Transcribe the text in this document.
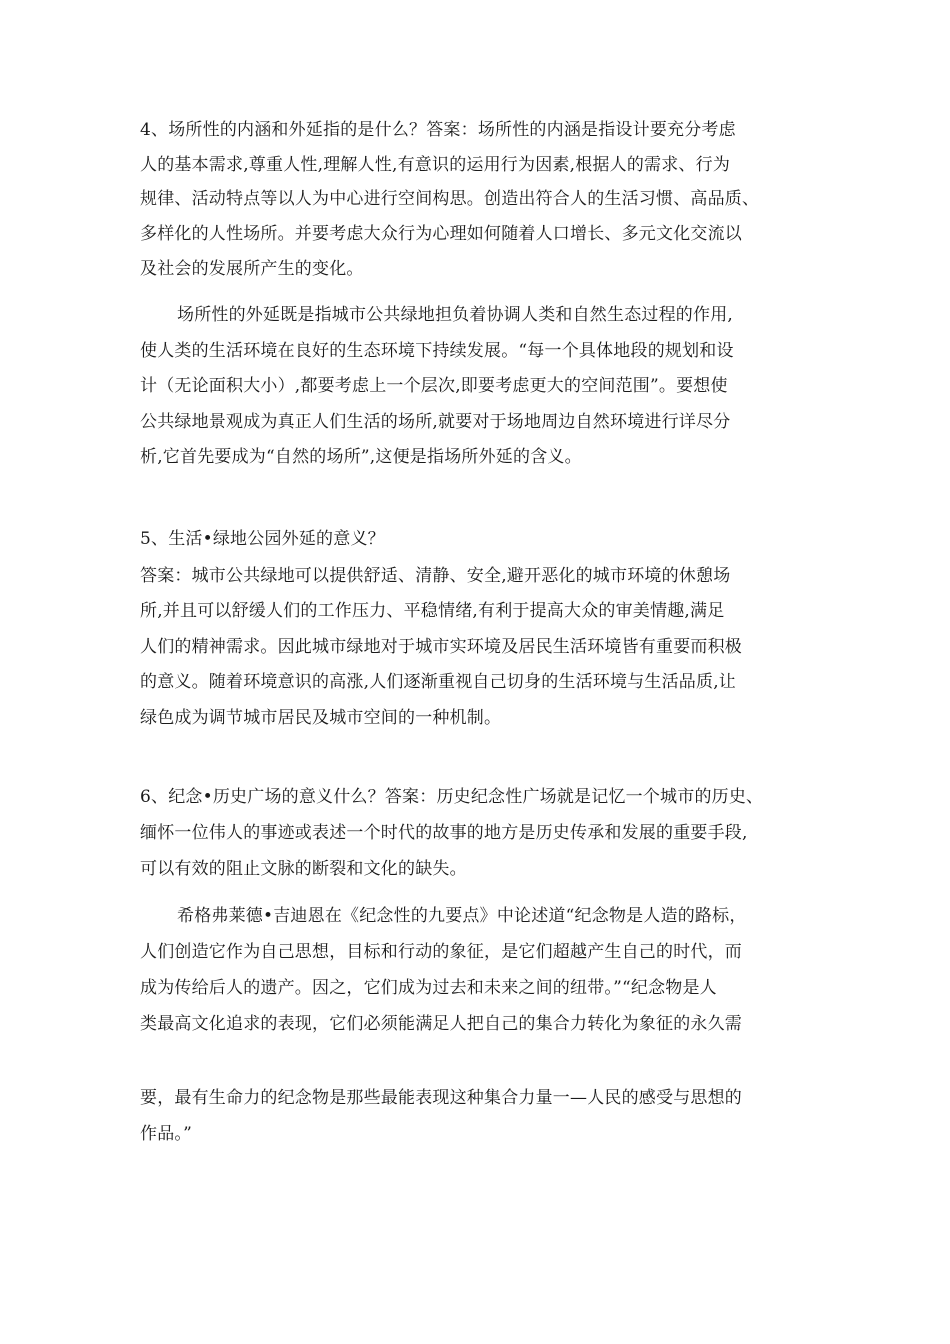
4、场所性的内涵和外延指的是什么？答案：场所性的内涵是指设计要充分考虑
人的基本需求,尊重人性,理解人性,有意识的运用行为因素,根据人的需求、行为
规律、活动特点等以人为中心进行空间构思。创造出符合人的生活习惯、高品质、
多样化的人性场所。并要考虑大众行为心理如何随着人口增长、多元文化交流以
及社会的发展所产生的变化。
场所性的外延既是指城市公共绿地担负着协调人类和自然生态过程的作用,
使人类的生活环境在良好的生态环境下持续发展。“每一个具体地段的规划和设
计（无论面积大小）,都要考虑上一个层次,即要考虑更大的空间范围”。要想使
公共绿地景观成为真正人们生活的场所,就要对于场地周边自然环境进行详尽分
析,它首先要成为“自然的场所”,这便是指场所外延的含义。
5、生活•绿地公园外延的意义？
答案：城市公共绿地可以提供舒适、清静、安全,避开恶化的城市环境的休憩场
所,并且可以舒缓人们的工作压力、平稳情绪,有利于提高大众的审美情趣,满足
人们的精神需求。因此城市绿地对于城市实环境及居民生活环境皆有重要而积极
的意义。随着环境意识的高涨,人们逐渐重视自己切身的生活环境与生活品质,让
绿色成为调节城市居民及城市空间的一种机制。
6、纪念•历史广场的意义什么？答案：历史纪念性广场就是记忆一个城市的历史、
缅怀一位伟人的事迹或表述一个时代的故事的地方是历史传承和发展的重要手段,
可以有效的阻止文脉的断裂和文化的缺失。
希格弗莱德•吉迪恩在《纪念性的九要点》中论述道“纪念物是人造的路标，
人们创造它作为自己思想，目标和行动的象征，是它们超越产生自己的时代，而
成为传给后人的遗产。因之，它们成为过去和未来之间的纽带。”“纪念物是人
类最高文化追求的表现，它们必须能满足人把自己的集合力转化为象征的永久需
要，最有生命力的纪念物是那些最能表现这种集合力量一—人民的感受与思想的
作品。”
